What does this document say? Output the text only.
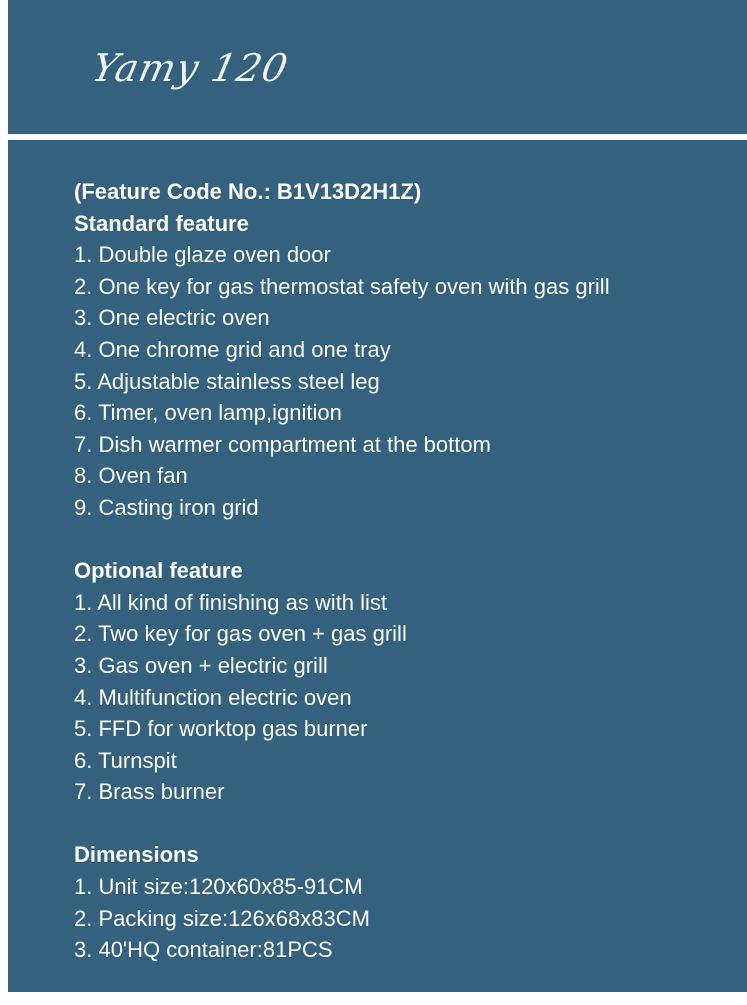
Yamy 120
(Feature Code No.: B1V13D2H1Z)
Standard feature
1. Double glaze oven door
2. One key for gas thermostat safety oven with gas grill
3. One electric oven
4. One chrome grid and one tray
5. Adjustable stainless steel leg
6. Timer, oven lamp,ignition
7. Dish warmer compartment at the bottom
8. Oven fan
9. Casting iron grid
Optional feature
1. All kind of finishing as with list
2. Two key for gas oven + gas grill
3. Gas oven + electric grill
4. Multifunction electric oven
5. FFD for worktop gas burner
6. Turnspit
7. Brass burner
Dimensions
1. Unit size:120x60x85-91CM
2. Packing size:126x68x83CM
3. 40'HQ container:81PCS
